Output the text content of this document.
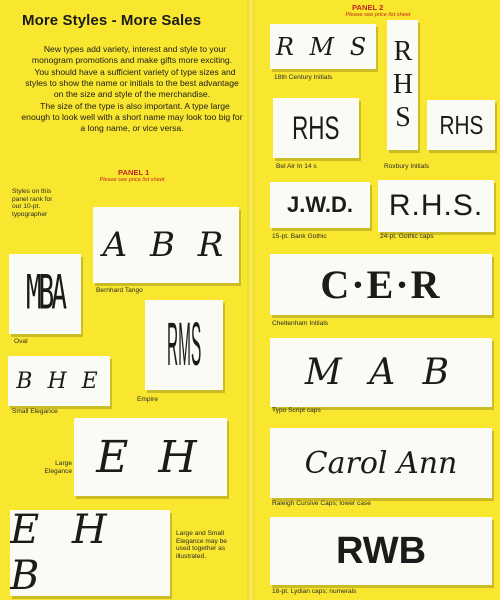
More Styles - More Sales

New types add variety, interest and style to your monogram promotions and make gifts more exciting.

You should have a sufficient variety of type sizes and styles to show the name or initials to the best advantage on the size and style of the merchandise.

The size of the type is also important. A type large enough to look well with a short name may look too big for a long name, or vice versa.

PANEL 1
Please see price list sheet
Styles on this panel rank for our 10-pt. typographer
A B R
Bernhard Tango
MBA
Oval	RMS
Empire
B H E
Small Elegance
E H
Large Elegance
E H B
Large and Small Elegance may be used together as illustrated.
PANEL 2
Please see price list sheet
R M S
18th Century Initials RHS
RHS
Bel Air In 14 s
RHS
Roxbury Initials
J.W.D.
15-pt. Bank Gothic
R.H.S.
24-pt. Gothic caps
C·E·R
Cheltenham Initials
M A B
Typo Script caps
Carol Ann
Raleigh Cursive Caps; lower case
RWB
18-pt. Lydian caps; numerals
